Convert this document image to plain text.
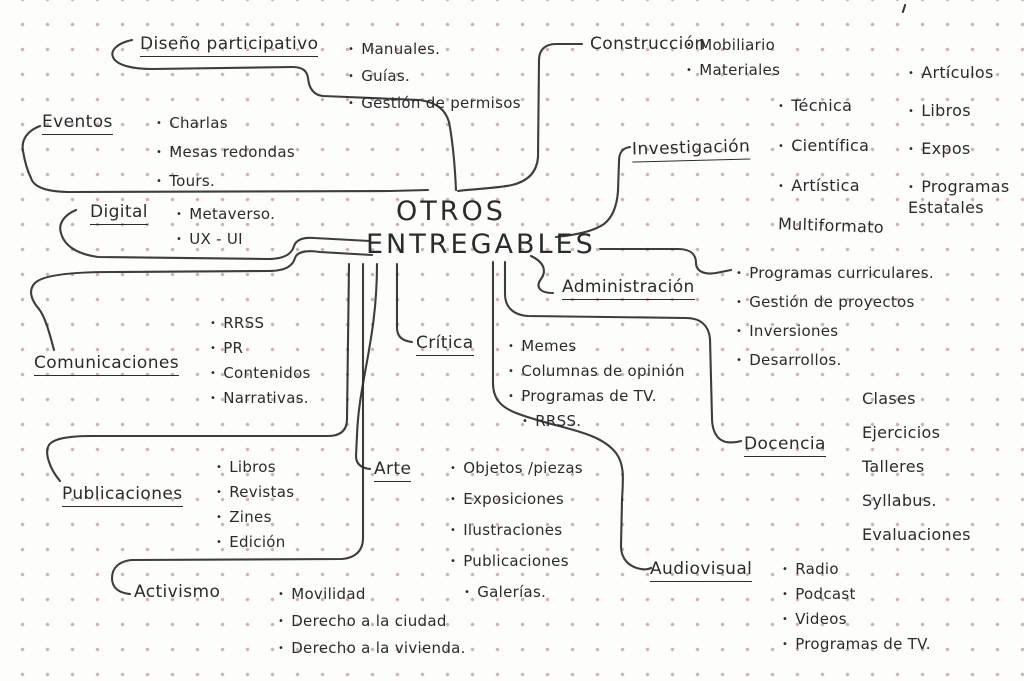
OTROS
ENTREGABLES
Diseño participativo	• Manuales.
• Guías.
• Gestión de permisos
Eventos	• Charlas
• Mesas redondas
• Tours.
Digital	• Metaverso.
• UX - UI
Comunicaciones
• RRSS
• PR
• Contenidos
• Narrativas.
Publicaciones
• Libros
• Revistas
• Zines
• Edición
Activismo	• Movilidad
• Derecho a la ciudad
• Derecho a la vivienda.
Arte	• Objetos /piezas
• Exposiciones
• Ilustraciones
• Publicaciones
• Galerías.
Crítica	• Memes
• Columnas de opinión
• Programas de TV.
• RRSS.
Construcción
• Mobiliario
• Materiales
Investigación
• Técnica
• Científica
• Artística
Multiformato
• Artículos
• Libros
• Expos
• Programas Estatales
Administración
• Programas curriculares.
• Gestión de proyectos
• Inversiones
• Desarrollos.
Docencia
Clases
Ejercicios
Talleres
Syllabus.
Evaluaciones
Audiovisual	• Radio
• Podcast
• Videos
• Programas de TV.
